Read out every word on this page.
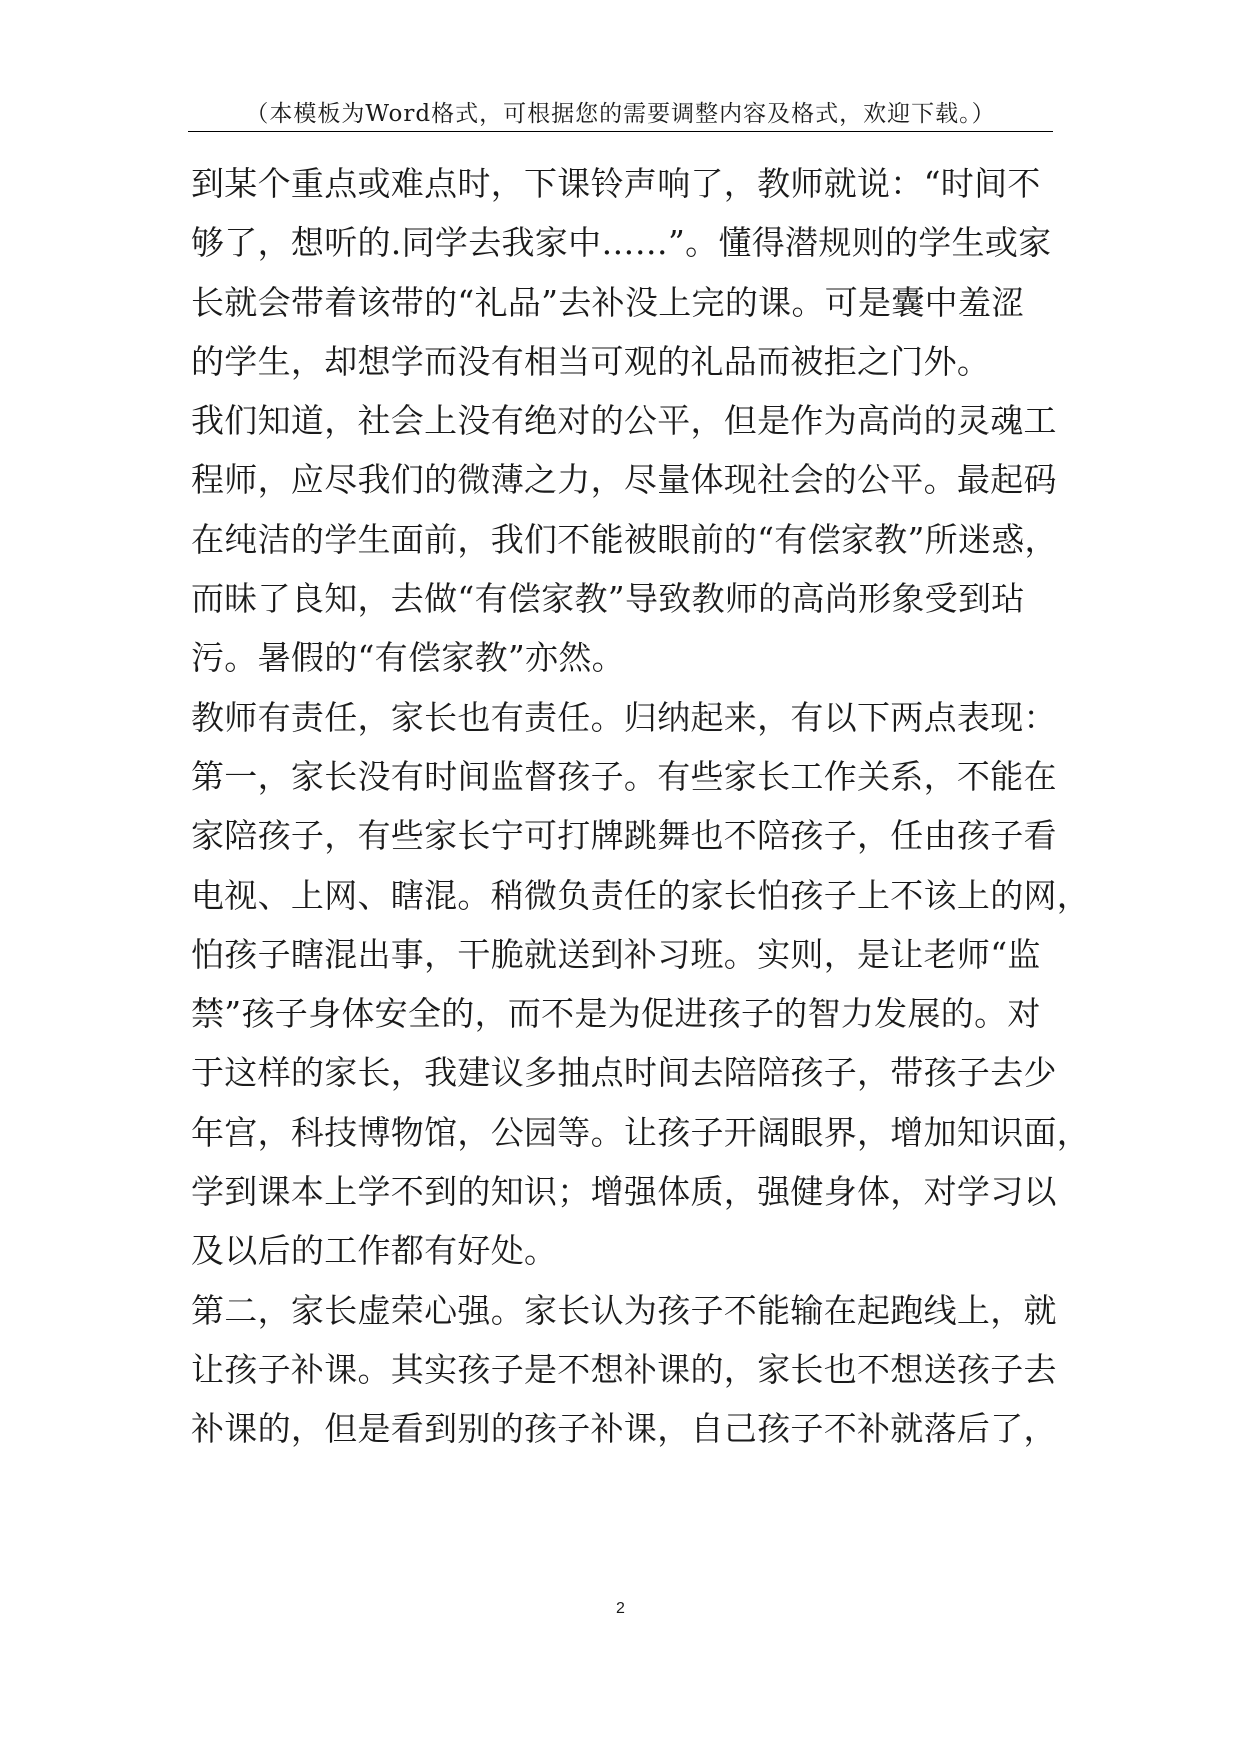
（本模板为Word格式，可根据您的需要调整内容及格式，欢迎下载。）
到某个重点或难点时，下课铃声响了，教师就说：“时间不
够了，想听的.同学去我家中……”。懂得潜规则的学生或家
长就会带着该带的“礼品”去补没上完的课。可是囊中羞涩
的学生，却想学而没有相当可观的礼品而被拒之门外。
我们知道，社会上没有绝对的公平，但是作为高尚的灵魂工
程师，应尽我们的微薄之力，尽量体现社会的公平。最起码
在纯洁的学生面前，我们不能被眼前的“有偿家教”所迷惑，
而昧了良知，去做“有偿家教”导致教师的高尚形象受到玷
污。暑假的“有偿家教”亦然。
教师有责任，家长也有责任。归纳起来，有以下两点表现：
第一，家长没有时间监督孩子。有些家长工作关系，不能在
家陪孩子，有些家长宁可打牌跳舞也不陪孩子，任由孩子看
电视、上网、瞎混。稍微负责任的家长怕孩子上不该上的网，
怕孩子瞎混出事，干脆就送到补习班。实则，是让老师“监
禁”孩子身体安全的，而不是为促进孩子的智力发展的。对
于这样的家长，我建议多抽点时间去陪陪孩子，带孩子去少
年宫，科技博物馆，公园等。让孩子开阔眼界，增加知识面，
学到课本上学不到的知识；增强体质，强健身体，对学习以
及以后的工作都有好处。
第二，家长虚荣心强。家长认为孩子不能输在起跑线上，就
让孩子补课。其实孩子是不想补课的，家长也不想送孩子去
补课的，但是看到别的孩子补课，自己孩子不补就落后了，
2
